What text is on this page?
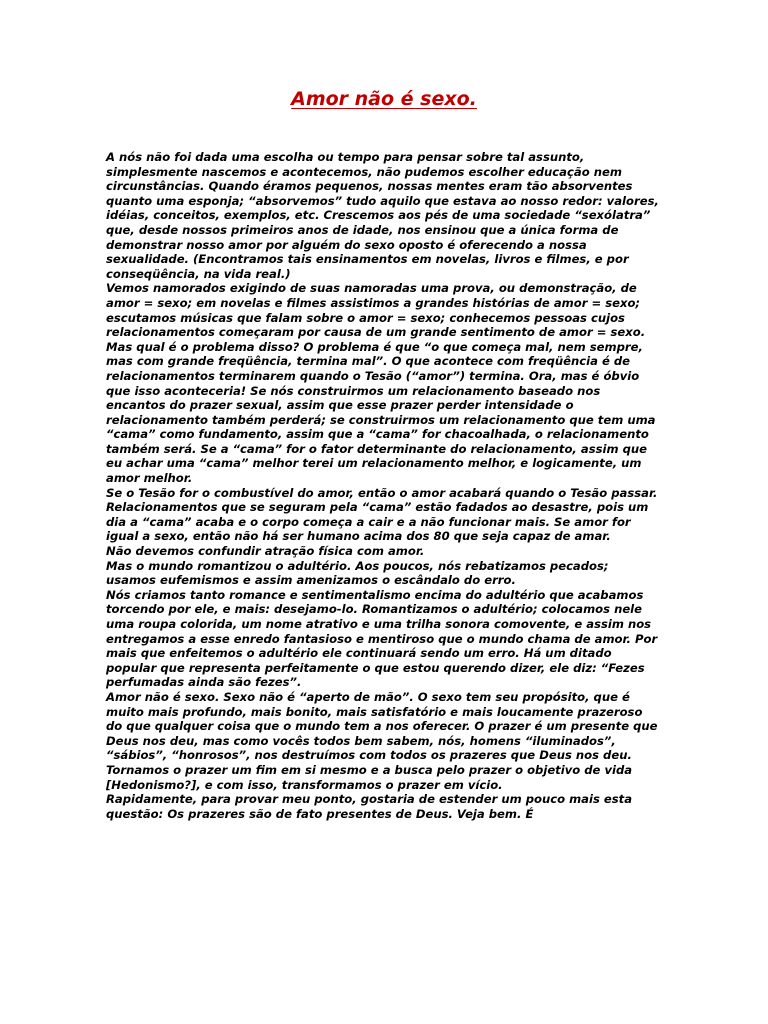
Amor não é sexo.

A nós não foi dada uma escolha ou tempo para pensar sobre tal assunto, simplesmente nascemos e acontecemos, não pudemos escolher educação nem circunstâncias. Quando éramos pequenos, nossas mentes eram tão absorventes quanto uma esponja; “absorvemos” tudo aquilo que estava ao nosso redor: valores, idéias, conceitos, exemplos, etc. Crescemos aos pés de uma sociedade “sexólatra” que, desde nossos primeiros anos de idade, nos ensinou que a única forma de demonstrar nosso amor por alguém do sexo oposto é oferecendo a nossa sexualidade. (Encontramos tais ensinamentos em novelas, livros e filmes, e por conseqüência, na vida real.)

Vemos namorados exigindo de suas namoradas uma prova, ou demonstração, de amor = sexo; em novelas e filmes assistimos a grandes histórias de amor = sexo; escutamos músicas que falam sobre o amor = sexo; conhecemos pessoas cujos relacionamentos começaram por causa de um grande sentimento de amor = sexo. Mas qual é o problema disso? O problema é que “o que começa mal, nem sempre, mas com grande freqüência, termina mal”. O que acontece com freqüência é de relacionamentos terminarem quando o Tesão (“amor”) termina. Ora, mas é óbvio que isso aconteceria! Se nós construirmos um relacionamento baseado nos encantos do prazer sexual, assim que esse prazer perder intensidade o relacionamento também perderá; se construirmos um relacionamento que tem uma “cama” como fundamento, assim que a “cama” for chacoalhada, o relacionamento também será. Se a “cama” for o fator determinante do relacionamento, assim que eu achar uma “cama” melhor terei um relacionamento melhor, e logicamente, um amor melhor.

Se o Tesão for o combustível do amor, então o amor acabará quando o Tesão passar.

Relacionamentos que se seguram pela “cama” estão fadados ao desastre, pois um dia a “cama” acaba e o corpo começa a cair e a não funcionar mais. Se amor for igual a sexo, então não há ser humano acima dos 80 que seja capaz de amar.

Não devemos confundir atração física com amor.

Mas o mundo romantizou o adultério. Aos poucos, nós rebatizamos pecados; usamos eufemismos e assim amenizamos o escândalo do erro.

Nós criamos tanto romance e sentimentalismo encima do adultério que acabamos torcendo por ele, e mais: desejamo-lo. Romantizamos o adultério; colocamos nele uma roupa colorida, um nome atrativo e uma trilha sonora comovente, e assim nos entregamos a esse enredo fantasioso e mentiroso que o mundo chama de amor. Por mais que enfeitemos o adultério ele continuará sendo um erro. Há um ditado popular que representa perfeitamente o que estou querendo dizer, ele diz: “Fezes perfumadas ainda são fezes”.

Amor não é sexo. Sexo não é “aperto de mão”. O sexo tem seu propósito, que é muito mais profundo, mais bonito, mais satisfatório e mais loucamente prazeroso do que qualquer coisa que o mundo tem a nos oferecer. O prazer é um presente que Deus nos deu, mas como vocês todos bem sabem, nós, homens “iluminados”, “sábios”, “honrosos”, nos destruímos com todos os prazeres que Deus nos deu. Tornamos o prazer um fim em si mesmo e a busca pelo prazer o objetivo de vida [Hedonismo?], e com isso, transformamos o prazer em vício.

Rapidamente, para provar meu ponto, gostaria de estender um pouco mais esta questão: Os prazeres são de fato presentes de Deus. Veja bem. É
